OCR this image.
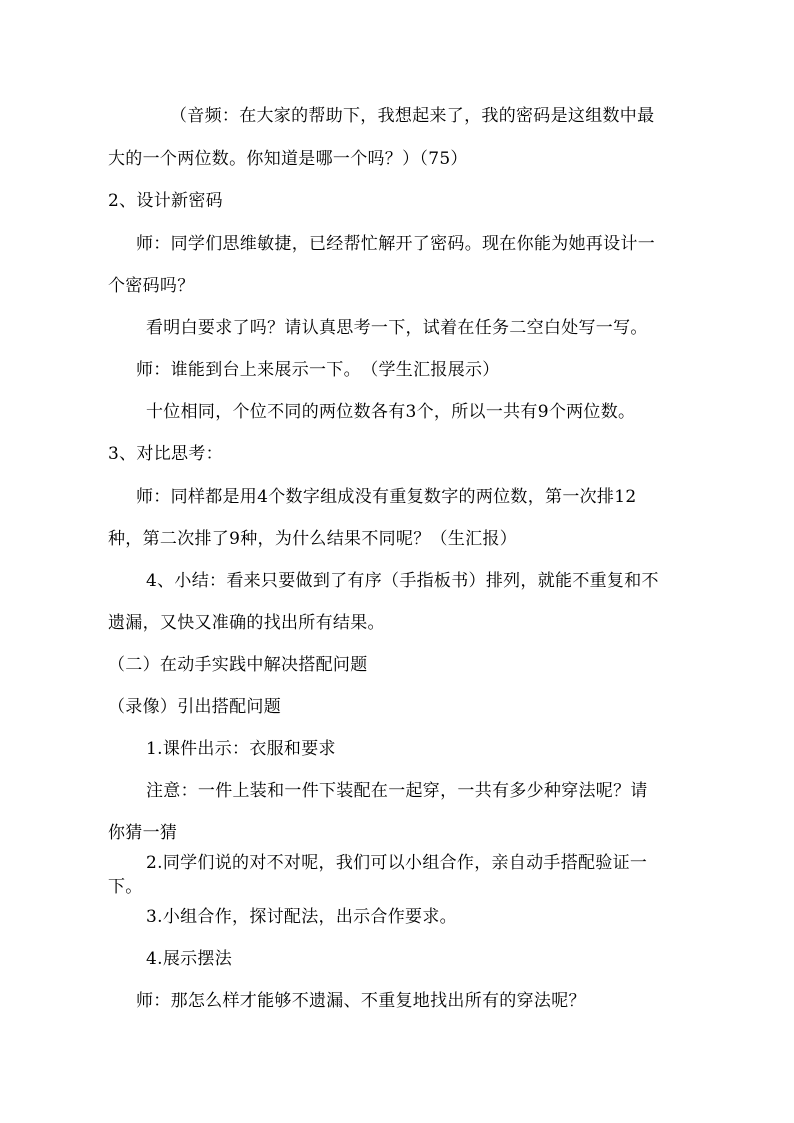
（音频：在大家的帮助下，我想起来了，我的密码是这组数中最
大的一个两位数。你知道是哪一个吗？）（75）
2、设计新密码
师：同学们思维敏捷，已经帮忙解开了密码。现在你能为她再设计一
个密码吗？
看明白要求了吗？请认真思考一下，试着在任务二空白处写一写。
师：谁能到台上来展示一下。　（学生汇报展示）
十位相同，个位不同的两位数各有3个，所以一共有9个两位数。
3、对比思考：
师：同样都是用4个数字组成没有重复数字的两位数，第一次排12
种，第二次排了9种，为什么结果不同呢？（生汇报）
4、小结：看来只要做到了有序（手指板书）排列，就能不重复和不
遗漏，又快又准确的找出所有结果。
（二）在动手实践中解决搭配问题
（录像）引出搭配问题
1.课件出示：衣服和要求
注意：一件上装和一件下装配在一起穿，一共有多少种穿法呢？请
你猜一猜
2.同学们说的对不对呢，我们可以小组合作，亲自动手搭配验证一
下。
3.小组合作，探讨配法，出示合作要求。
4.展示摆法
师：那怎么样才能够不遗漏、不重复地找出所有的穿法呢？
